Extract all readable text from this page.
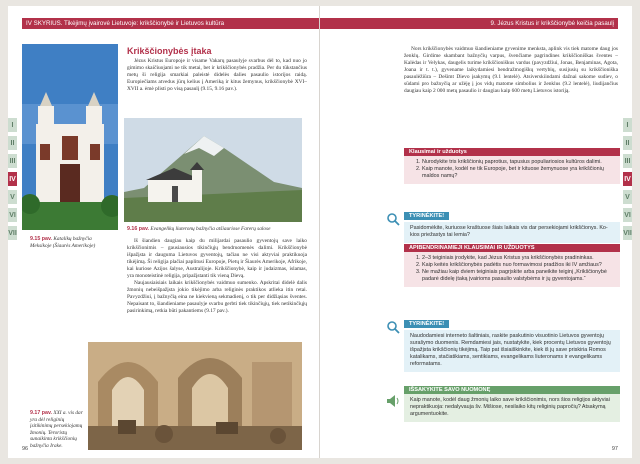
IV SKYRIUS. Tikėjimų įvairovė Lietuvoje: krikščionybė ir Lietuvos kultūra
I
II
III
IV
V
VI
VII
9.15 pav. Katalikų bažnyčia Meksikoje (Šiaurės Amerikoje)
Krikščionybės įtaka

Jėzus Kristus Europoje ir visame Vakarų pasaulyje svarbus dėl to, kad nuo jo gimimo skaičiuojami ne tik metai, bet ir krikščionybės pradžia. Per du tūkstančius metų ši religija smarkiai paleistė didelės dalies pasaulio istorijos raidą. Europiečiams atvedus jūrų kelius į Ameriką ir kitus žemynus, krikščionybė XVI–XVII a. ėmė plisti po visą pasaulį (9.15, 9.16 pav.).

9.16 pav. Evangelikų liuteronų bažnyčia atšiauriose Farerų salose

Iš šiandien daugiau kaip du milijardai pasaulio gyventojų save laiko krikščionimis – gausiausios tikinčiųjų bendruomenės dalimi. Krikščionybė išpažįsta ir dauguma Lietuvos gyventojų, tačiau ne visi aktyviai praktikuoja tikėjimą. Ši religija plačiai paplitusi Europoje, Pietų ir Šiaurės Amerikoje, Afrikoje, kai kuriose Azijos šalyse, Australijoje. Krikščionybė, kaip ir judaizmas, islamas, yra monoteistinė religija, pripažįstanti tik vieną Dievą.

Naujausiaisiais laikais krikščionybės vaidmuo sumenko. Apskritai didelė dalis žmonių nebeišpažįsta jokio tikėjimo arba religinės praktikos atlieka itin retai. Pavyzdžiui, į bažnyčią eina ne kiekvieną sekmadienį, o tik per didžiąsias šventes. Nepaisant to, šiandieniame pasaulyje svarbu gerbti tiek tikinčiųjų, tiek netikinčiųjų pasirinkimą, retkia būti pakantiems (9.17 pav.).

9.17 pav. XXI a. vis dar yra dėl religinių įsitikinimų persekiojamų žmonių. Teroristų sunaikinta krikščionių bažnyčia Irake.
96
9. Jėzus Kristus ir krikščionybė keičia pasaulį
I
II
III
IV
V
VI
VII

Nors krikščionybės vaidmuo šiandieniame gyvenime menksta, aplink vis tiek matome daug jos ženklų. Girdime skambant bažnyčių varpus, švenčiame pagrindines krikščioniškas šventes – Kalėdas ir Velykas, daugelis turime krikščioniškus vardus (pavyzdžiui, Jonas, Benjaminas, Agota, Joana ir t. t.), gyvename laikydamiesi bendražmogiškų vertybių, susijusių su krikščioniška pasaulėžiūra – Dešimt Dievo įsakymų (9.1 lentelė). Atsiverskiindami dažnai sakome sudiev, o sūdami pro bažnyčią ar užėję į jos vidų matome simbolius ir ženklus (9.2 lentelė), liudijančius daugiau kaip 2 000 metų pasaulio ir daugiau kaip 600 metų Lietuvos istoriją.

Klausimai ir užduotys
1. Nurodykite tris krikščionių paprotius, tapusius populiariosios kultūros dalimi.
2. Kaip manote, kodėl ne tik Europoje, bet ir kituose žemynuose yra krikščionių maldos namų?
TYRINĖKITE!
Pasidomėkite, kuriuose kraštuose šiais laikais vis dar persekiojami krikščionys. Ko-kios priežastys tai lemia?
APIBENDRINAMIEJI KLAUSIMAI IR UŽDUOTYS
1. 2–3 teiginiais įrodykite, kad Jėzus Kristus yra krikščionybės pradininkas.
2. Kaip keitės krikščionybės padėtis nuo formavimosi pradžios iki IV amžiaus?
3. Ne mažiau kaip dviem teiginiais pagrįskite arba paneikite teiginį „Krikščionybė padarė didelę įtaką įvairioms pasaulio valstybėms ir jų gyventojams.“
TYRINĖKITE!
Naudodamiesi interneto šaltiniais, raskite paskutinio visuotinio Lietuvos gyventojų surašymo duomenis. Remdamiesi jais, nustatykite, kiek procentų Lietuvos gyventojų išpažįsta krikščionių tikėjimą. Taip pat išsiaiškinkite, kiek iš jų save priskiria Romos katalikams, stačiatikiams, sentikiams, evangelikams liuteronams ir evangelikams reformatams.
IŠSAKYKITE SAVO NUOMONĘ
Kaip manote, kodėl daug žmonių laiko save krikščionimis, nors šios religijos aktyviai nepraktikuoja: nedalyvauja šv. Mišiose, nesilaiko kitų religinių papročių? Atsakymą argumentuokite.
97
